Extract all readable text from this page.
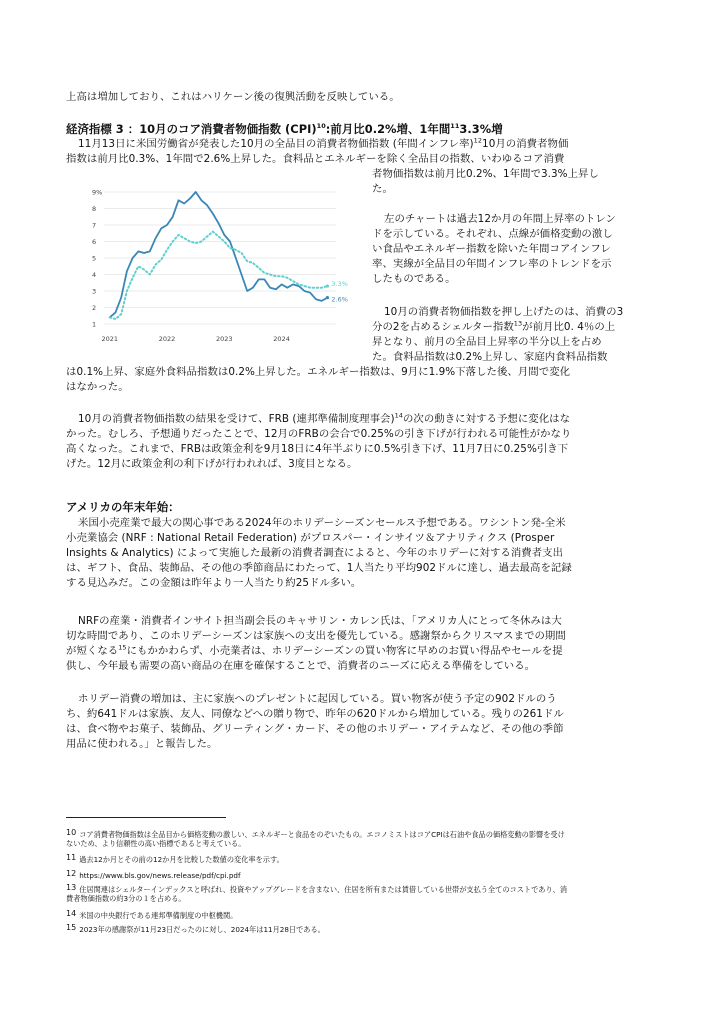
上高は増加しており、これはハリケーン後の復興活動を反映している。

経済指標 3 ：10月のコア消費者物価指数 (CPI)$^{10}$:前月比0.2%増、1年間$^{11}$3.3%増

11月13日に米国労働省が発表した10月の全品目の消費者物価指数 (年間インフレ率)$^{12}$10月の消費者物価

指数は前月比0.3%、1年間で2.6%上昇した。食料品とエネルギーを除く全品目の指数、いわゆるコア消費

者物価指数は前月比0.2%、1年間で3.3%上昇し

た。

1
2
3
4
5
6
7
8
9%
2021	2022	2023	2024
2.6%
3.3%

左のチャートは過去12か月の年間上昇率のトレン

ドを示している。それぞれ、点線が価格変動の激し

い食品やエネルギー指数を除いた年間コアインフレ

率、実線が全品目の年間インフレ率のトレンドを示

したものである。

10月の消費者物価指数を押し上げたのは、消費の3

分の2を占めるシェルター指数$^{13}$が前月比0. 4％の上

昇となり、前月の全品目上昇率の半分以上を占め

た。食料品指数は0.2%上昇し、家庭内食料品指数

は0.1%上昇、家庭外食料品指数は0.2%上昇した。エネルギー指数は、9月に1.9%下落した後、月間で変化

はなかった。

10月の消費者物価指数の結果を受けて、FRB (連邦準備制度理事会)$^{14}$の次の動きに対する予想に変化はな

かった。むしろ、予想通りだったことで、12月のFRBの会合で0.25%の引き下げが行われる可能性がかなり

高くなった。これまで、FRBは政策金利を9月18日に4年半ぶりに0.5%引き下げ、11月7日に0.25%引き下

げた。12月に政策金利の利下げが行われれば、3度目となる。

アメリカの年末年始：

米国小売産業で最大の関心事である2024年のホリデーシーズンセールス予想である。ワシントン発-全米

小売業協会 (NRF : National Retail Federation) がプロスパー・インサイツ＆アナリティクス (Prosper

Insights & Analytics) によって実施した最新の消費者調査によると、今年のホリデーに対する消費者支出

は、ギフト、食品、装飾品、その他の季節商品にわたって、1人当たり平均902ドルに達し、過去最高を記録

する見込みだ。この金額は昨年より一人当たり約25ドル多い。

NRFの産業・消費者インサイト担当副会長のキャサリン・カレン氏は、「アメリカ人にとって冬休みは大

切な時間であり、このホリデーシーズンは家族への支出を優先している。感謝祭からクリスマスまでの期間

が短くなる$^{15}$にもかかわらず、小売業者は、ホリデーシーズンの買い物客に早めのお買い得品やセールを提

供し、今年最も需要の高い商品の在庫を確保することで、消費者のニーズに応える準備をしている。

ホリデー消費の増加は、主に家族へのプレゼントに起因している。買い物客が使う予定の902ドルのう

ち、約641ドルは家族、友人、同僚などへの贈り物で、昨年の620ドルから増加している。残りの261ドル

は、食べ物やお菓子、装飾品、グリーティング・カード、その他のホリデー・アイテムなど、その他の季節

用品に使われる。」と報告した。

10 コア消費者物価指数は全品目から価格変動の激しい、エネルギーと食品をのぞいたもの。エコノミストはコアCPIは石油や食品の価格変動の影響を受け

ないため、より信頼性の高い指標であると考えている。

11 過去12か月とその前の12か月を比較した数値の変化率を示す。

12 https://www.bls.gov/news.release/pdf/cpi.pdf

13 住居関連はシェルターインデックスと呼ばれ、投資やアップグレードを含まない、住居を所有または賃借している世帯が支払う全てのコストであり、消

費者物価指数の約3分の１を占める。

14 米国の中央銀行である連邦準備制度の中枢機関。

15 2023年の感謝祭が11月23日だったのに対し、2024年は11月28日である。
